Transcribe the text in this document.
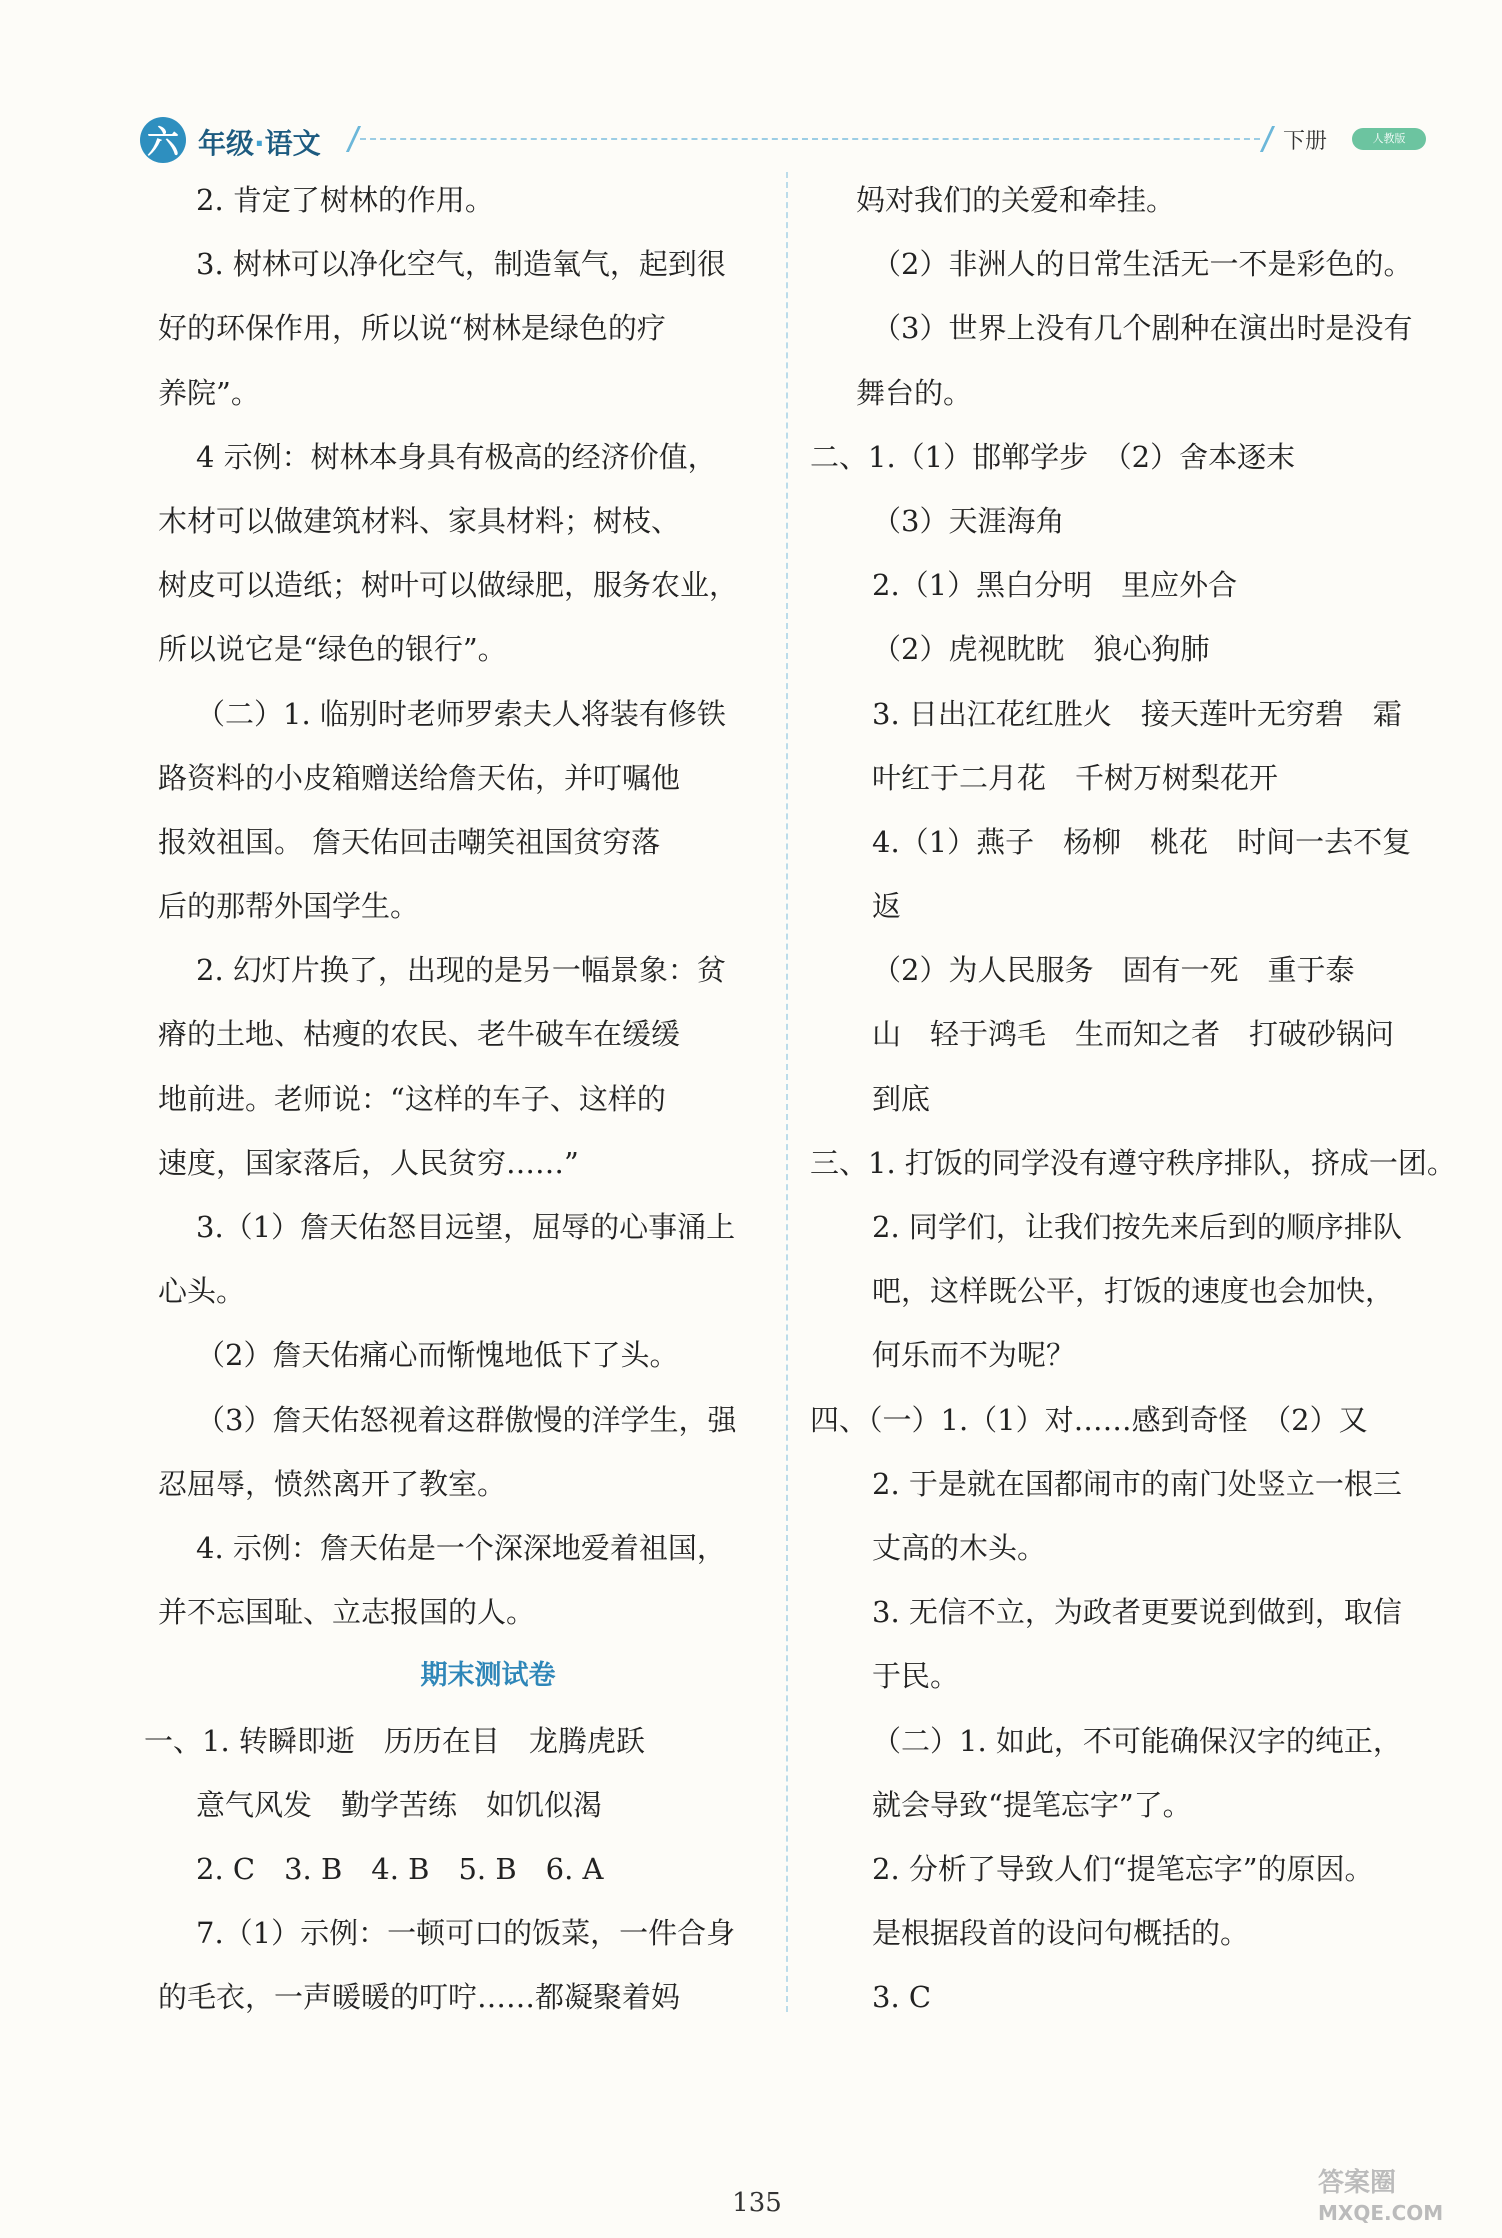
六 年级·语文	下册	人教版
2. 肯定了树林的作用。
3. 树林可以净化空气，制造氧气，起到很
好的环保作用，所以说“树林是绿色的疗
养院”。
4 示例：树林本身具有极高的经济价值，
木材可以做建筑材料、家具材料；树枝、
树皮可以造纸；树叶可以做绿肥，服务农业，
所以说它是“绿色的银行”。
（二）1. 临别时老师罗索夫人将装有修铁
路资料的小皮箱赠送给詹天佑，并叮嘱他
报效祖国。 詹天佑回击嘲笑祖国贫穷落
后的那帮外国学生。
2. 幻灯片换了，出现的是另一幅景象：贫
瘠的土地、枯瘦的农民、老牛破车在缓缓
地前进。老师说：“这样的车子、这样的
速度，国家落后，人民贫穷……”
3.（1）詹天佑怒目远望，屈辱的心事涌上
心头。
（2）詹天佑痛心而惭愧地低下了头。
（3）詹天佑怒视着这群傲慢的洋学生，强
忍屈辱，愤然离开了教室。
4. 示例：詹天佑是一个深深地爱着祖国，
并不忘国耻、立志报国的人。
期末测试卷
一、1. 转瞬即逝　历历在目　龙腾虎跃
意气风发　勤学苦练　如饥似渴
2. C　3. B　4. B　5. B　6. A
7.（1）示例：一顿可口的饭菜，一件合身
的毛衣，一声暖暖的叮咛……都凝聚着妈
妈对我们的关爱和牵挂。
（2）非洲人的日常生活无一不是彩色的。
（3）世界上没有几个剧种在演出时是没有
舞台的。
二、1.（1）邯郸学步　（2）舍本逐末
（3）天涯海角
2.（1）黑白分明　里应外合
（2）虎视眈眈　狼心狗肺
3. 日出江花红胜火　接天莲叶无穷碧　霜
叶红于二月花　千树万树梨花开
4.（1）燕子　杨柳　桃花　时间一去不复
返
（2）为人民服务　固有一死　重于泰
山　轻于鸿毛　生而知之者　打破砂锅问
到底
三、1. 打饭的同学没有遵守秩序排队，挤成一团。
2. 同学们，让我们按先来后到的顺序排队
吧，这样既公平，打饭的速度也会加快，
何乐而不为呢？
四、（一）1.（1）对……感到奇怪　（2）又
2. 于是就在国都闹市的南门处竖立一根三
丈高的木头。
3. 无信不立，为政者更要说到做到，取信
于民。
（二）1. 如此，不可能确保汉字的纯正，
就会导致“提笔忘字”了。
2. 分析了导致人们“提笔忘字”的原因。
是根据段首的设问句概括的。
3. C
135
答案圈
MXQE.COM
